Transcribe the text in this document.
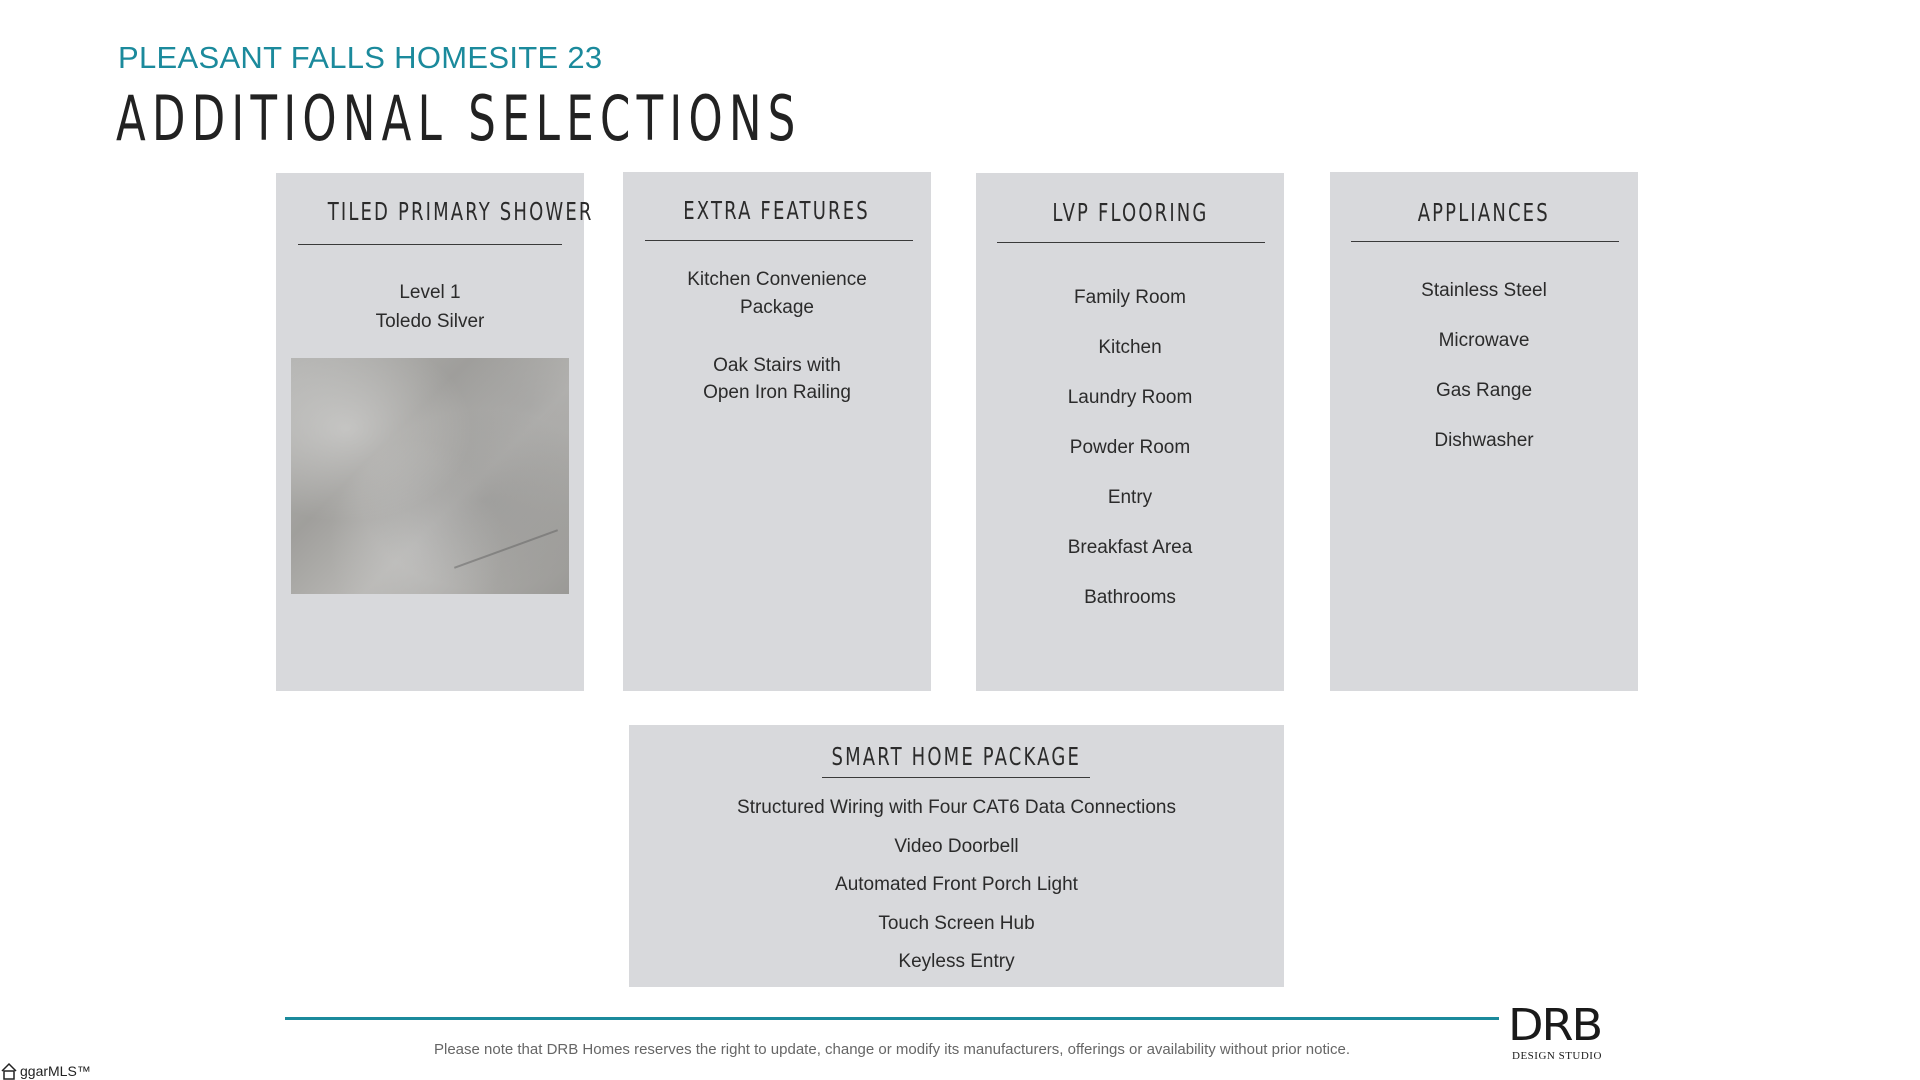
PLEASANT FALLS HOMESITE 23
ADDITIONAL SELECTIONS
TILED PRIMARY SHOWER
Level 1
Toledo Silver
EXTRA FEATURES
Kitchen Convenience
Package
Oak Stairs with
Open Iron Railing
LVP FLOORING
Family Room
Kitchen
Laundry Room
Powder Room
Entry
Breakfast Area
Bathrooms
APPLIANCES
Stainless Steel
Microwave
Gas Range
Dishwasher
SMART HOME PACKAGE
Structured Wiring with Four CAT6 Data Connections
Video Doorbell
Automated Front Porch Light
Touch Screen Hub
Keyless Entry
Please note that DRB Homes reserves the right to update, change or modify its manufacturers, offerings or availability without prior notice.	DRB
DESIGN STUDIO
ggarMLS™
